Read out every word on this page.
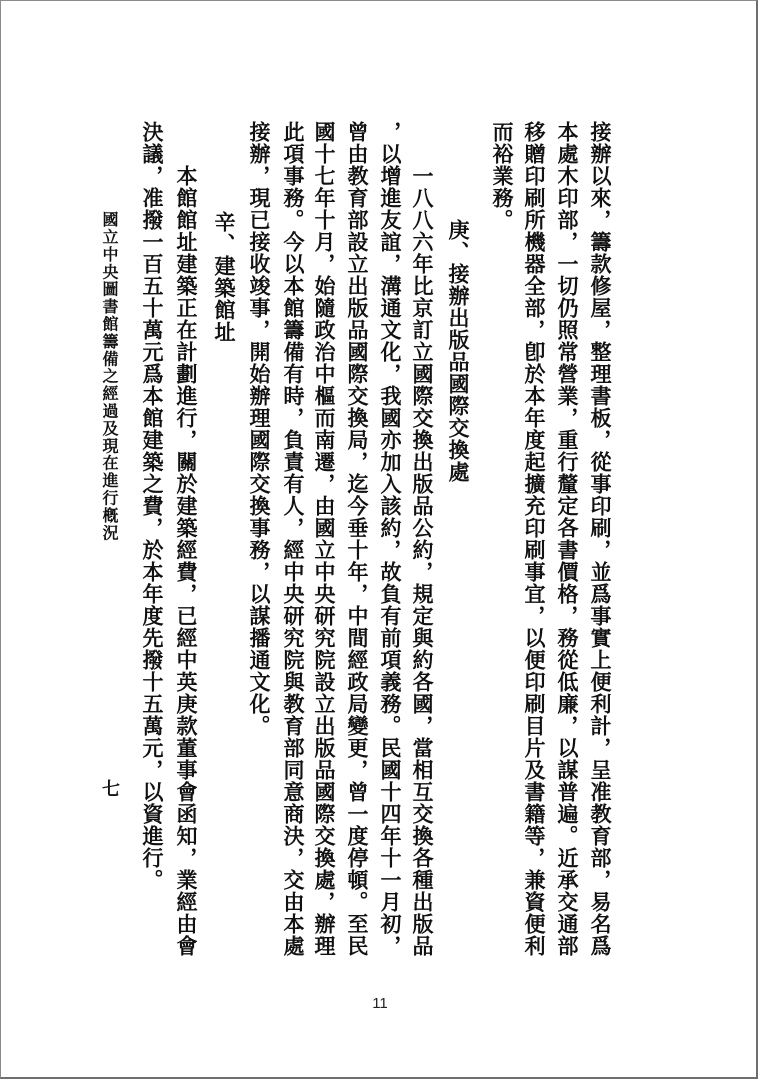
接辦以來，籌款修屋，整理書板，從事印刷，並爲事實上便利計，呈准教育部，易名爲
本處木印部，一切仍照常營業，重行釐定各書價格，務從低廉，以謀普遍。近承交通部
移贈印刷所機器全部，卽於本年度起擴充印刷事宜，以便印刷目片及書籍等，兼資便利
而裕業務。
庚、接辦出版品國際交換處
一八八六年比京訂立國際交換出版品公約，規定與約各國，當相互交換各種出版品
，以增進友誼，溝通文化，我國亦加入該約，故負有前項義務。民國十四年十一月初，
曾由教育部設立出版品國際交換局，迄今垂十年，中間經政局變更，曾一度停頓。至民
國十七年十月，始隨政治中樞而南遷，由國立中央研究院設立出版品國際交換處，辦理
此項事務。今以本館籌備有時，負責有人，經中央研究院與教育部同意商決，交由本處
接辦，現已接收竣事，開始辦理國際交換事務，以謀播通文化。
辛、建築館址
本館館址建築正在計劃進行，關於建築經費，已經中英庚款董事會函知，業經由會
決議，准撥一百五十萬元爲本館建築之費，於本年度先撥十五萬元，以資進行。
國立中央圖書館籌備之經過及現在進行槪況
七
11
